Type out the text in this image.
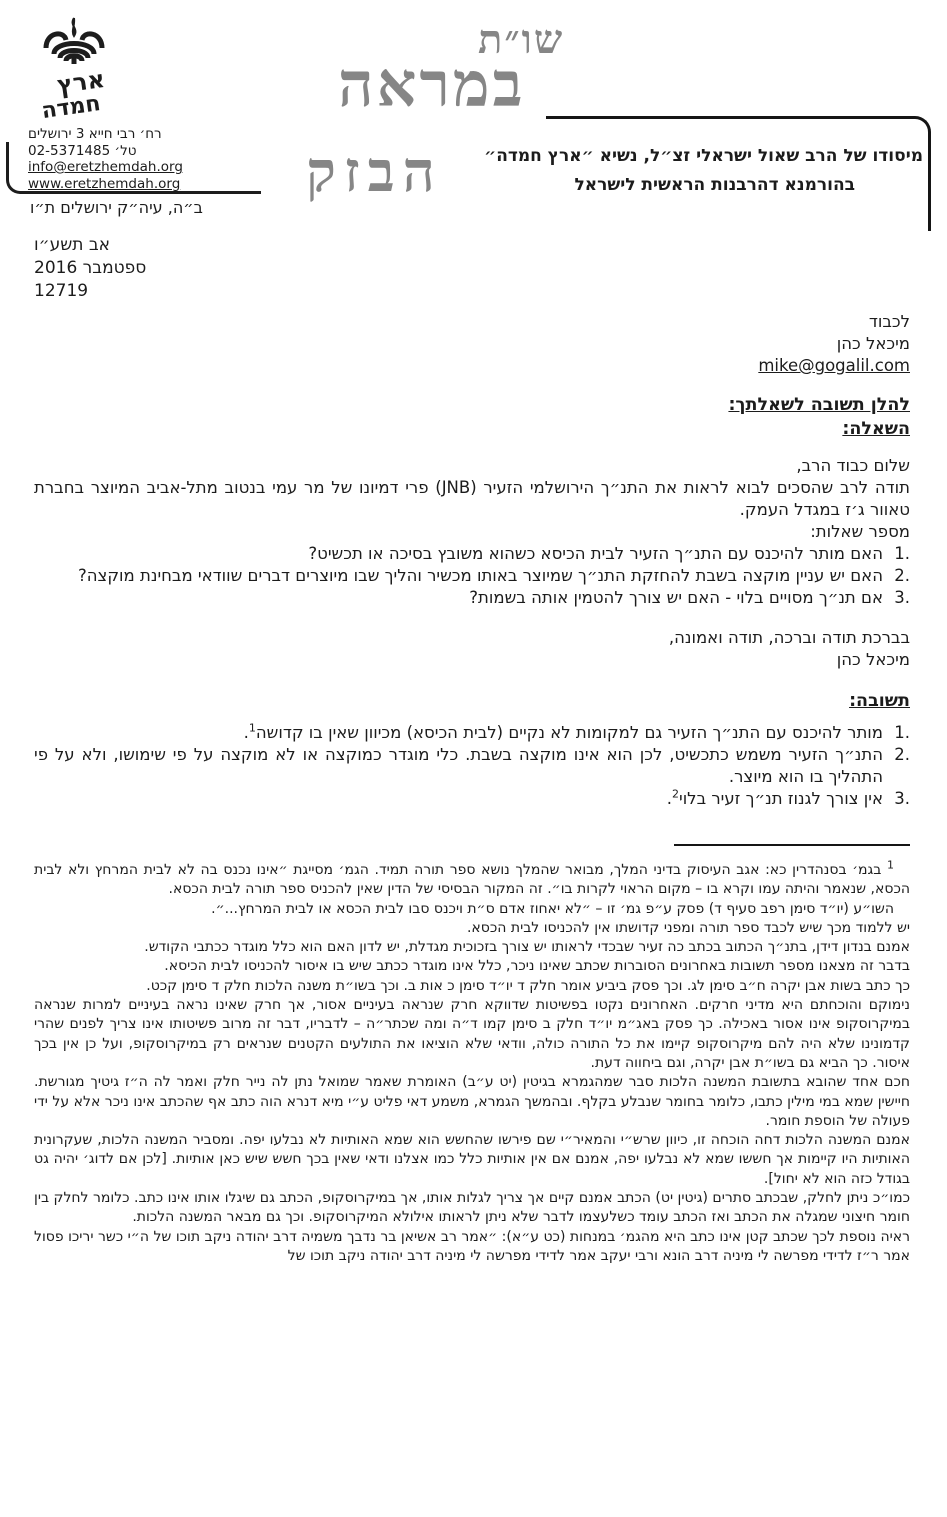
ארץ
חמדה
שו״ת
במראה
הבזק מיסודו של הרב שאול ישראלי זצ״ל, נשיא ״ארץ חמדה״
בהורמנא דהרבנות הראשית לישראל
רח׳ רבי חייא 3 ירושלים
טל׳ 02-5371485
info@eretzhemdah.org
www.eretzhemdah.org
ב״ה, עיה״ק ירושלים ת״ו
אב תשע״ו
ספטמבר 2016
12719
לכבוד
מיכאל כהן
mike@gogalil.com
להלן תשובה לשאלתך:
השאלה:
שלום כבוד הרב,
תודה לרב שהסכים לבוא לראות את התנ״ך הירושלמי הזעיר (JNB) פרי דמיונו של מר עמי בנטוב מתל-אביב המיוצר בחברת טאוור ג׳ז במגדל העמק.
מספר שאלות:
1.
האם מותר להיכנס עם התנ״ך הזעיר לבית הכיסא כשהוא משובץ בסיכה או תכשיט?
2.
האם יש עניין מוקצה בשבת להחזקת התנ״ך שמיוצר באותו מכשיר והליך שבו מיוצרים דברים שוודאי מבחינת מוקצה?
3.
אם תנ״ך מסויים בלוי - האם יש צורך להטמין אותה בשמות?
בברכת תודה וברכה, תודה ואמונה,
מיכאל כהן
תשובה:
1.
מותר להיכנס עם התנ״ך הזעיר גם למקומות לא נקיים (לבית הכיסא) מכיוון שאין בו קדושה$^1$.
2.
התנ״ך הזעיר משמש כתכשיט, לכן הוא אינו מוקצה בשבת. כלי מוגדר כמוקצה או לא מוקצה על פי שימושו, ולא על פי התהליך בו הוא מיוצר.
3.
אין צורך לגנוז תנ״ך זעיר בלוי$^2$.

$^1$ בגמ׳ בסנהדרין כא: אגב העיסוק בדיני המלך, מבואר שהמלך נושא ספר תורה תמיד. הגמ׳ מסייגת ״אינו נכנס בה לא לבית המרחץ ולא לבית הכסא, שנאמר והיתה עמו וקרא בו – מקום הראוי לקרות בו״. זה המקור הבסיסי של הדין שאין להכניס ספר תורה לבית הכסא.

השו״ע (יו״ד סימן רפב סעיף ד) פסק ע״פ גמ׳ זו – ״לא יאחוז אדם ס״ת ויכנס סבו לבית הכסא או לבית המרחץ...״.

יש ללמוד מכך שיש לכבד ספר תורה ומפני קדושתו אין להכניסו לבית הכסא.

אמנם בנדון דידן, בתנ״ך הכתוב בכתב כה זעיר שבכדי לראותו יש צורך בזכוכית מגדלת, יש לדון האם הוא כלל מוגדר ככתבי הקודש.

בדבר זה מצאנו מספר תשובות באחרונים הסוברות שכתב שאינו ניכר, כלל אינו מוגדר ככתב שיש בו איסור להכניסו לבית הכיסא.

כך כתב בשות אבן יקרה ח״ב סימן לג. וכך פסק ביביע אומר חלק ד יו״ד סימן כ אות ב. וכך בשו״ת משנה הלכות חלק ד סימן קכט.

נימוקם והוכחתם היא מדיני חרקים. האחרונים נקטו בפשיטות שדווקא חרק שנראה בעיניים אסור, אך חרק שאינו נראה בעיניים למרות שנראה במיקרוסקופ אינו אסור באכילה. כך פסק באג״מ יו״ד חלק ב סימן קמו ד״ה ומה שכתר״ה – לדבריו, דבר זה מרוב פשיטותו אינו צריך לפנים שהרי קדמונינו שלא היה להם מיקרוסקופ קיימו את כל התורה כולה, וודאי שלא הוציאו את התולעים הקטנים שנראים רק במיקרוסקופ, ועל כן אין בכך איסור. כך הביא גם בשו״ת אבן יקרה, וגם ביחווה דעת.

חכם אחד שהובא בתשובת המשנה הלכות סבר שמהגמרא בגיטין (יט ע״ב) האומרת שאמר שמואל נתן לה נייר חלק ואמר לה ה״ז גיטיך מגורשת. חיישין שמא במי מילין כתבו, כלומר בחומר שנבלע בקלף. ובהמשך הגמרא, משמע דאי פליט ע״י מיא דנרא הוה כתב אף שהכתב אינו ניכר אלא על ידי פעולה של הוספת חומר.

אמנם המשנה הלכות דחה הוכחה זו, כיוון שרש״י והמאיר״י שם פירשו שהחשש הוא שמא האותיות לא נבלעו יפה. ומסביר המשנה הלכות, שעקרונית האותיות היו קיימות אך חששו שמא לא נבלעו יפה, אמנם אם אין אותיות כלל כמו אצלנו ודאי שאין בכך חשש שיש כאן אותיות. [לכן אם לדוג׳ יהיה גט בגודל כזה הוא לא יחול].

כמו״כ ניתן לחלק, שבכתב סתרים (גיטין יט) הכתב אמנם קיים אך צריך לגלות אותו, אך במיקרוסקופ, הכתב גם שיגלו אותו אינו כתב. כלומר לחלק בין חומר חיצוני שמגלה את הכתב ואז הכתב עומד כשלעצמו לדבר שלא ניתן לראותו אילולא המיקרוסקופ. וכך גם מבאר המשנה הלכות.

ראיה נוספת לכך שכתב קטן אינו כתב היא מהגמ׳ במנחות (כט ע״א): ״אמר רב אשיאן בר נדבך משמיה דרב יהודה ניקב תוכו של ה״י כשר יריכו פסול אמר ר״ז לדידי מפרשה לי מיניה דרב הונא ורבי יעקב אמר לדידי מפרשה לי מיניה דרב יהודה ניקב תוכו של
